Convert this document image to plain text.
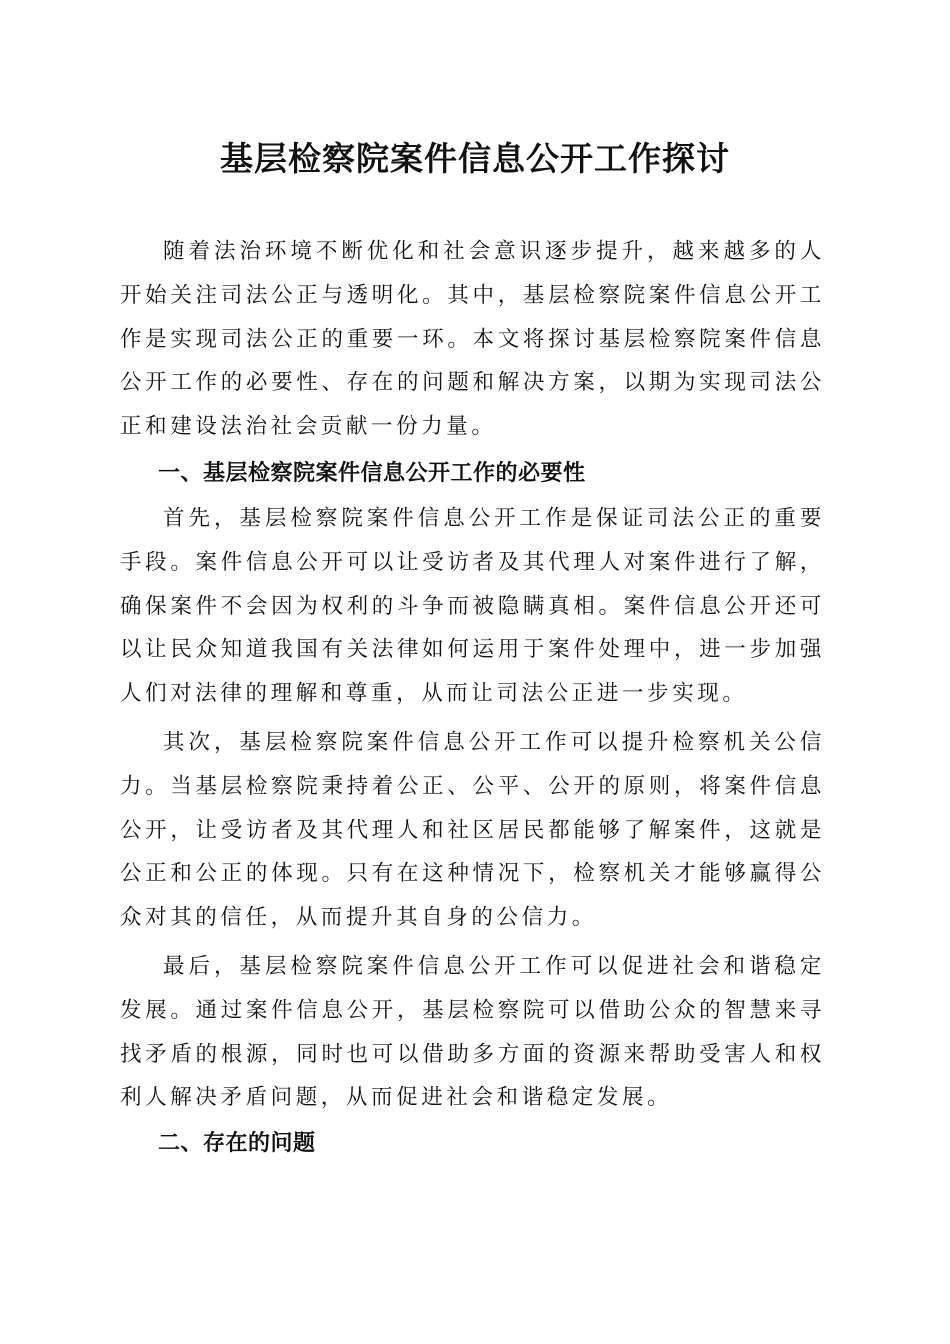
基层检察院案件信息公开工作探讨

随着法治环境不断优化和社会意识逐步提升，越来越多的人开始关注司法公正与透明化。其中，基层检察院案件信息公开工作是实现司法公正的重要一环。本文将探讨基层检察院案件信息公开工作的必要性、存在的问题和解决方案，以期为实现司法公正和建设法治社会贡献一份力量。

一、基层检察院案件信息公开工作的必要性

首先，基层检察院案件信息公开工作是保证司法公正的重要手段。案件信息公开可以让受访者及其代理人对案件进行了解，确保案件不会因为权利的斗争而被隐瞒真相。案件信息公开还可以让民众知道我国有关法律如何运用于案件处理中，进一步加强人们对法律的理解和尊重，从而让司法公正进一步实现。

其次，基层检察院案件信息公开工作可以提升检察机关公信力。当基层检察院秉持着公正、公平、公开的原则，将案件信息公开，让受访者及其代理人和社区居民都能够了解案件，这就是公正和公正的体现。只有在这种情况下，检察机关才能够赢得公众对其的信任，从而提升其自身的公信力。

最后，基层检察院案件信息公开工作可以促进社会和谐稳定发展。通过案件信息公开，基层检察院可以借助公众的智慧来寻找矛盾的根源，同时也可以借助多方面的资源来帮助受害人和权利人解决矛盾问题，从而促进社会和谐稳定发展。

二、存在的问题
